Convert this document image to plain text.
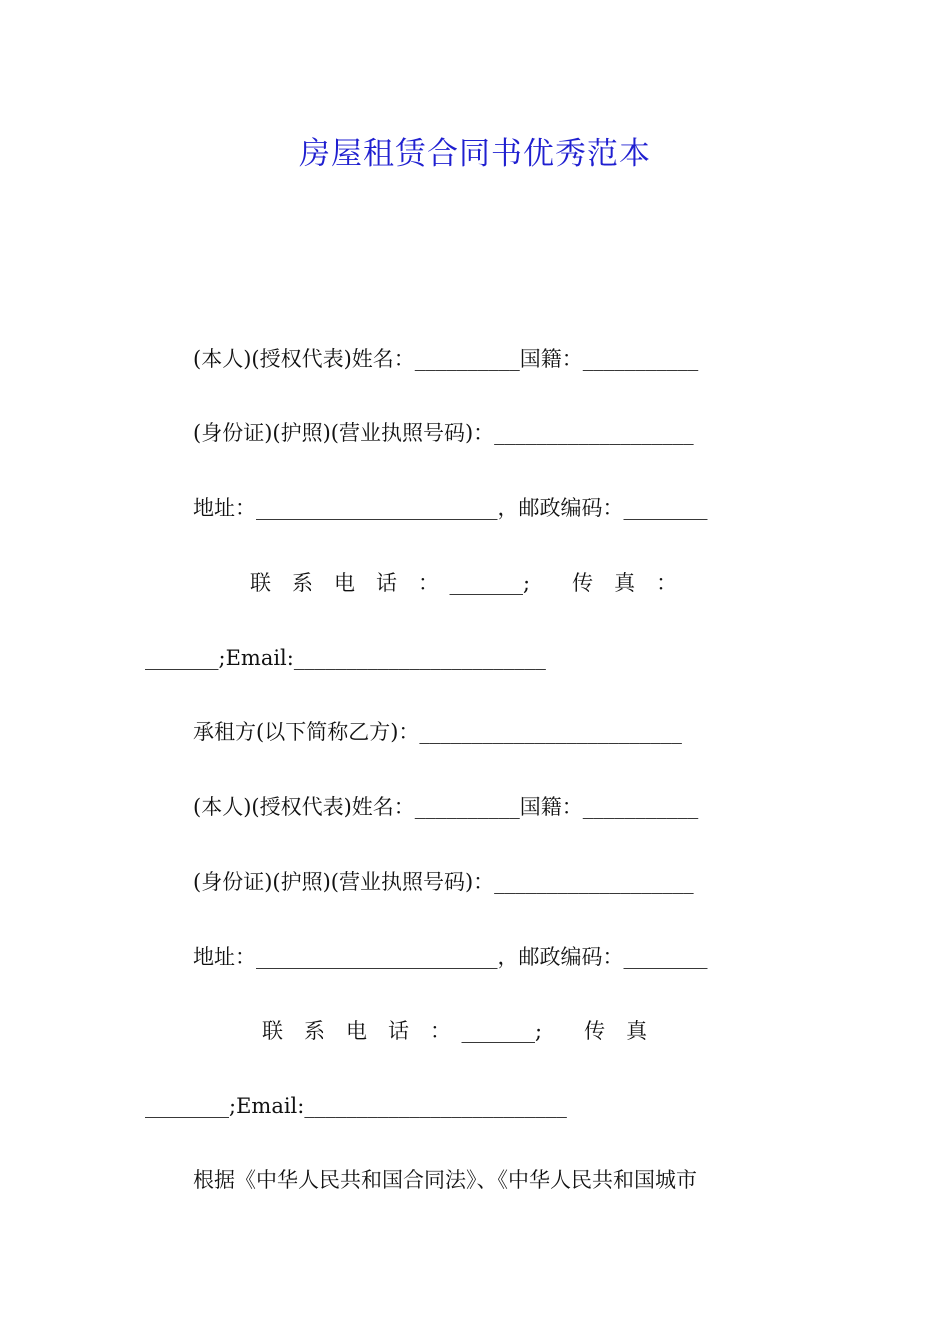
房屋租赁合同书优秀范本
(本人)(授权代表)姓名：__________国籍：___________
(身份证)(护照)(营业执照号码)：___________________
地址：_______________________，邮政编码：________
联　系　电　话　：　_______;　　传　真　：
_______;Email:________________________
承租方(以下简称乙方)：_________________________
(本人)(授权代表)姓名：__________国籍：___________
(身份证)(护照)(营业执照号码)：___________________
地址：_______________________，邮政编码：________
联　系　电　话　：　_______;　　传　真
________;Email:_________________________
根据《中华人民共和国合同法》、《中华人民共和国城市
